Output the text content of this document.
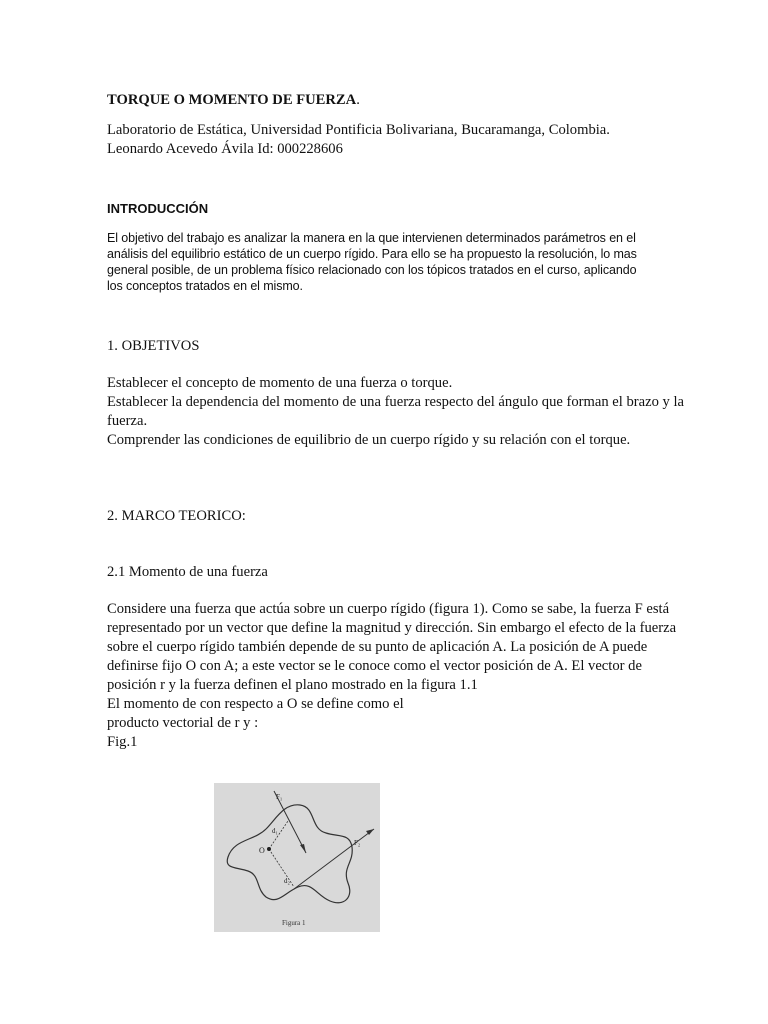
TORQUE O MOMENTO DE FUERZA.
Laboratorio de Estática, Universidad Pontificia Bolivariana, Bucaramanga, Colombia.
Leonardo Acevedo Ávila Id: 000228606
INTRODUCCIÓN
El objetivo del trabajo es analizar la manera en la que intervienen determinados parámetros en el
análisis del equilibrio estático de un cuerpo rígido. Para ello se ha propuesto la resolución, lo mas
general posible, de un problema físico relacionado con los tópicos tratados en el curso, aplicando
los conceptos tratados en el mismo.
1. OBJETIVOS
Establecer el concepto de momento de una fuerza o torque.
Establecer la dependencia del momento de una fuerza respecto del ángulo que forman el brazo y la
fuerza.
Comprender las condiciones de equilibrio de un cuerpo rígido y su relación con el torque.
2. MARCO TEORICO:
2.1 Momento de una fuerza
Considere una fuerza que actúa sobre un cuerpo rígido (figura 1). Como se sabe, la fuerza F está
representado por un vector que define la magnitud y dirección. Sin embargo el efecto de la fuerza
sobre el cuerpo rígido también depende de su punto de aplicación A. La posición de A puede
definirse fijo O con A; a este vector se le conoce como el vector posición de A. El vector de
posición r y la fuerza definen el plano mostrado en la figura 1.1
El momento de con respecto a O se define como el
producto vectorial de r y :
Fig.1
F₁
F₂
d₁
d₂
O
Figura 1
